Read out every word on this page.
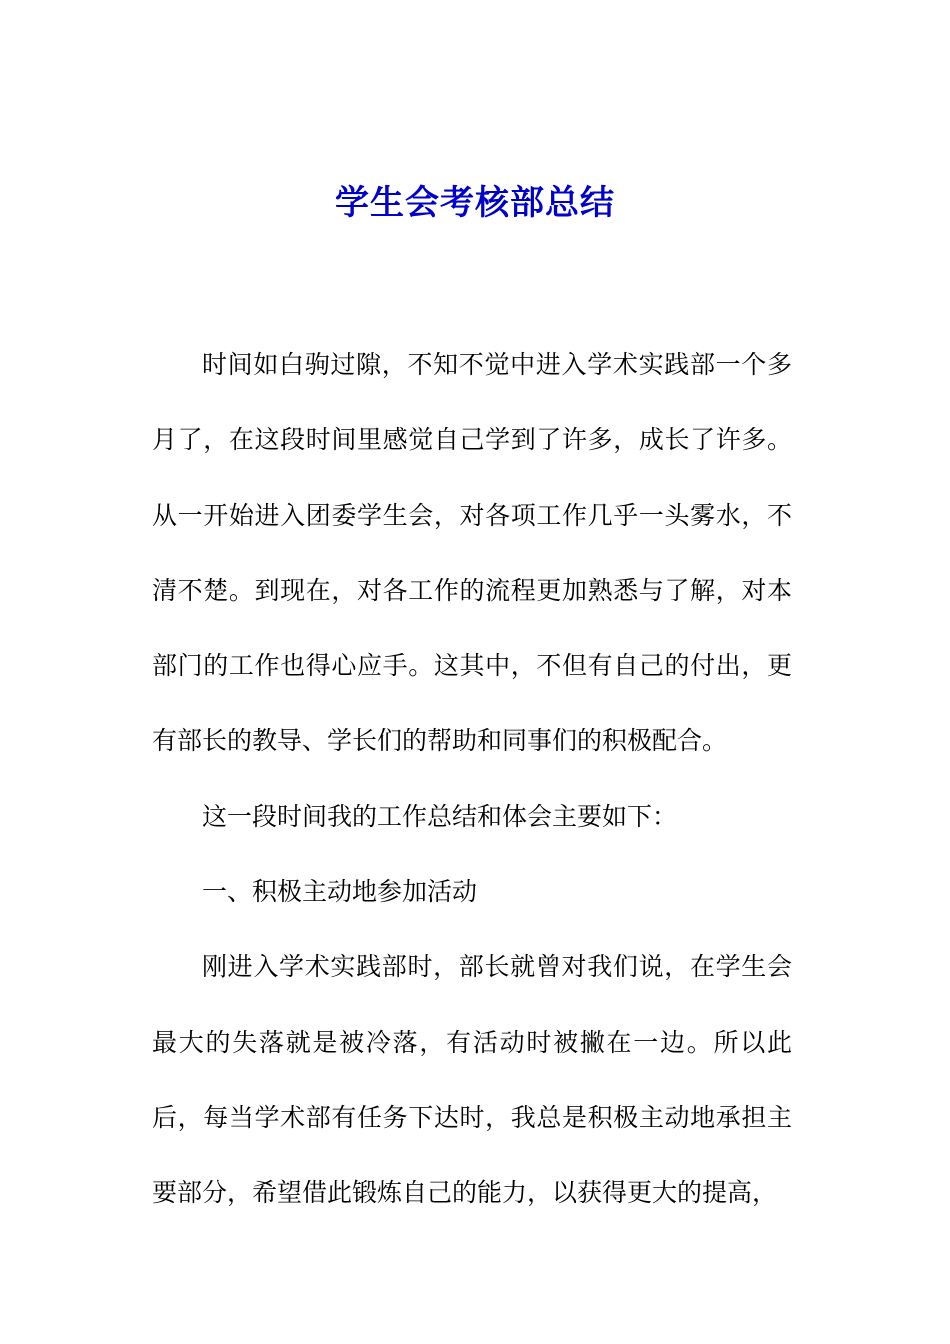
学生会考核部总结

时间如白驹过隙，不知不觉中进入学术实践部一个多月了，在这段时间里感觉自己学到了许多，成长了许多。从一开始进入团委学生会，对各项工作几乎一头雾水，不清不楚。到现在，对各工作的流程更加熟悉与了解，对本部门的工作也得心应手。这其中，不但有自己的付出，更有部长的教导、学长们的帮助和同事们的积极配合。

这一段时间我的工作总结和体会主要如下：

一、积极主动地参加活动

刚进入学术实践部时，部长就曾对我们说，在学生会最大的失落就是被冷落，有活动时被撇在一边。所以此后，每当学术部有任务下达时，我总是积极主动地承担主要部分，希望借此锻炼自己的能力，以获得更大的提高，
